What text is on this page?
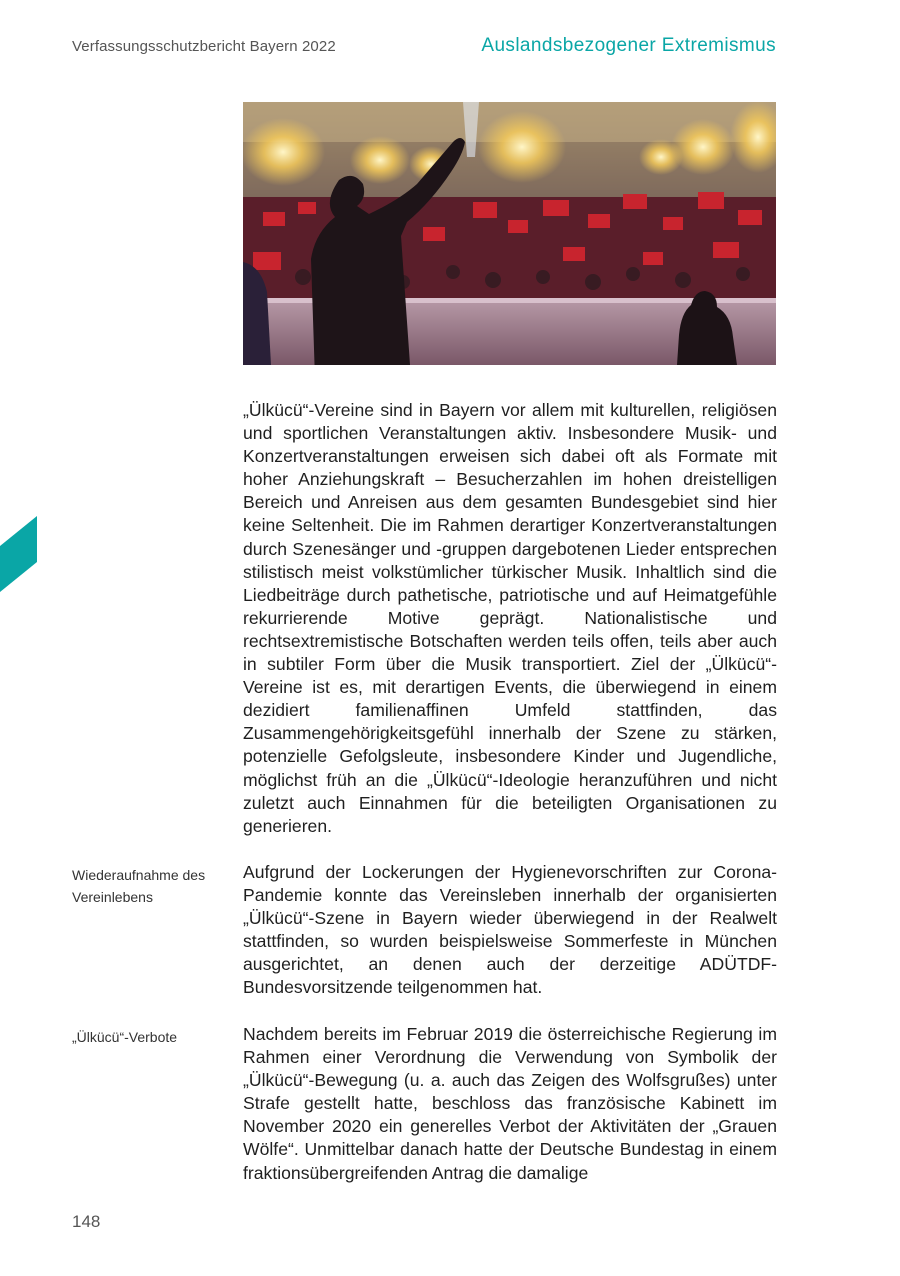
Verfassungsschutzbericht Bayern 2022	Auslandsbezogener Extremismus
„Ülkücü“-Vereine sind in Bayern vor allem mit kulturellen, religiösen und sportlichen Veranstaltungen aktiv. Insbesondere Musik- und Konzertveranstaltungen erweisen sich dabei oft als Formate mit hoher Anziehungskraft – Besucherzahlen im hohen dreistelligen Bereich und Anreisen aus dem gesamten Bundesgebiet sind hier keine Seltenheit. Die im Rahmen derartiger Konzertveranstaltungen durch Szenesänger und -gruppen dargebotenen Lieder entsprechen stilistisch meist volkstümlicher türkischer Musik. Inhaltlich sind die Liedbeiträge durch pathetische, patriotische und auf Heimatgefühle rekurrierende Motive geprägt. Nationalistische und rechtsextremistische Botschaften werden teils offen, teils aber auch in subtiler Form über die Musik transportiert. Ziel der „Ülkücü“-Vereine ist es, mit derartigen Events, die überwiegend in einem dezidiert familienaffinen Umfeld stattfinden, das Zusammengehörigkeitsgefühl innerhalb der Szene zu stärken, potenzielle Gefolgsleute, insbesondere Kinder und Jugendliche, möglichst früh an die „Ülkücü“-Ideologie heranzuführen und nicht zuletzt auch Einnahmen für die beteiligten Organisationen zu generieren.
Wiederaufnahme des Vereinlebens
Aufgrund der Lockerungen der Hygienevorschriften zur Corona-Pandemie konnte das Vereinsleben innerhalb der organisierten „Ülkücü“-Szene in Bayern wieder überwiegend in der Realwelt stattfinden, so wurden beispielsweise Sommerfeste in München ausgerichtet, an denen auch der derzeitige ADÜTDF-Bundesvorsitzende teilgenommen hat.
„Ülkücü“-Verbote	Nachdem bereits im Februar 2019 die österreichische Regierung im Rahmen einer Verordnung die Verwendung von Symbolik der „Ülkücü“-Bewegung (u. a. auch das Zeigen des Wolfsgrußes) unter Strafe gestellt hatte, beschloss das französische Kabinett im November 2020 ein generelles Verbot der Aktivitäten der „Grauen Wölfe“. Unmittelbar danach hatte der Deutsche Bundestag in einem fraktionsübergreifenden Antrag die damalige
148
